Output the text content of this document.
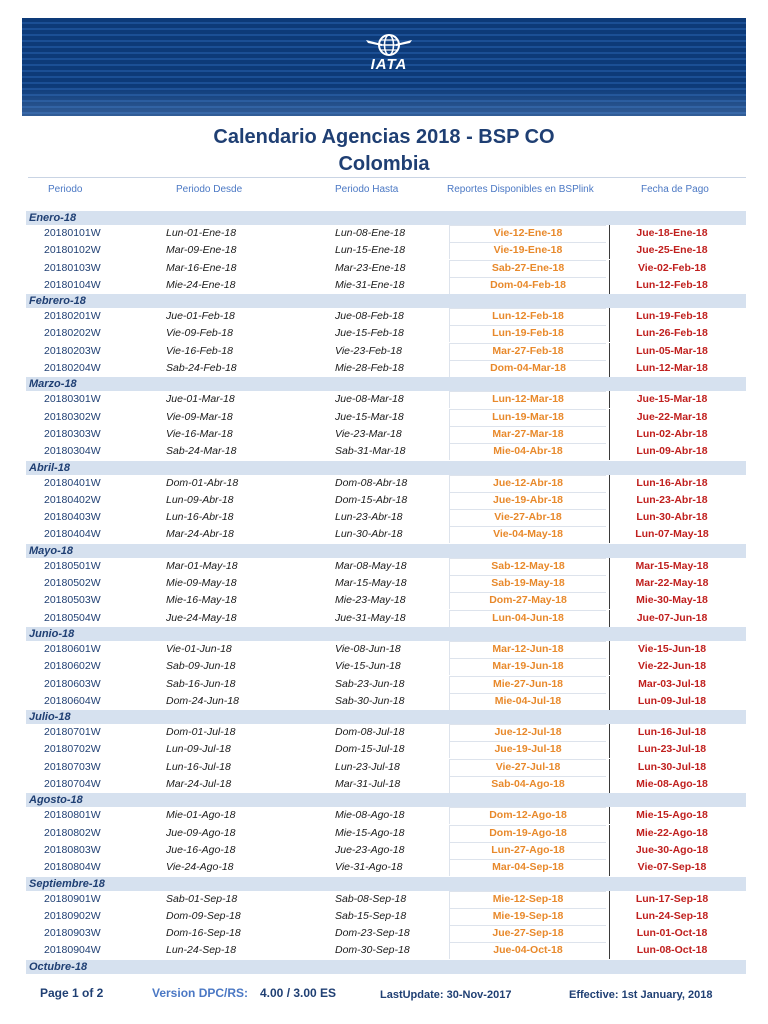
IATA
Calendario Agencias 2018 - BSP CO
Colombia
Periodo	Periodo Desde	Periodo Hasta	Reportes Disponibles en BSPlink	Fecha de Pago
Enero-18
20180101W	Lun-01-Ene-18	Lun-08-Ene-18	Vie-12-Ene-18	Jue-18-Ene-18
20180102W	Mar-09-Ene-18	Lun-15-Ene-18	Vie-19-Ene-18	Jue-25-Ene-18
20180103W	Mar-16-Ene-18	Mar-23-Ene-18	Sab-27-Ene-18	Vie-02-Feb-18
20180104W	Mie-24-Ene-18	Mie-31-Ene-18	Dom-04-Feb-18	Lun-12-Feb-18
Febrero-18
20180201W	Jue-01-Feb-18	Jue-08-Feb-18	Lun-12-Feb-18	Lun-19-Feb-18
20180202W	Vie-09-Feb-18	Jue-15-Feb-18	Lun-19-Feb-18	Lun-26-Feb-18
20180203W	Vie-16-Feb-18	Vie-23-Feb-18	Mar-27-Feb-18	Lun-05-Mar-18
20180204W	Sab-24-Feb-18	Mie-28-Feb-18	Dom-04-Mar-18	Lun-12-Mar-18
Marzo-18
20180301W	Jue-01-Mar-18	Jue-08-Mar-18	Lun-12-Mar-18	Jue-15-Mar-18
20180302W	Vie-09-Mar-18	Jue-15-Mar-18	Lun-19-Mar-18	Jue-22-Mar-18
20180303W	Vie-16-Mar-18	Vie-23-Mar-18	Mar-27-Mar-18	Lun-02-Abr-18
20180304W	Sab-24-Mar-18	Sab-31-Mar-18	Mie-04-Abr-18	Lun-09-Abr-18
Abril-18
20180401W	Dom-01-Abr-18	Dom-08-Abr-18	Jue-12-Abr-18	Lun-16-Abr-18
20180402W	Lun-09-Abr-18	Dom-15-Abr-18	Jue-19-Abr-18	Lun-23-Abr-18
20180403W	Lun-16-Abr-18	Lun-23-Abr-18	Vie-27-Abr-18	Lun-30-Abr-18
20180404W	Mar-24-Abr-18	Lun-30-Abr-18	Vie-04-May-18	Lun-07-May-18
Mayo-18
20180501W	Mar-01-May-18	Mar-08-May-18	Sab-12-May-18	Mar-15-May-18
20180502W	Mie-09-May-18	Mar-15-May-18	Sab-19-May-18	Mar-22-May-18
20180503W	Mie-16-May-18	Mie-23-May-18	Dom-27-May-18	Mie-30-May-18
20180504W	Jue-24-May-18	Jue-31-May-18	Lun-04-Jun-18	Jue-07-Jun-18
Junio-18
20180601W	Vie-01-Jun-18	Vie-08-Jun-18	Mar-12-Jun-18	Vie-15-Jun-18
20180602W	Sab-09-Jun-18	Vie-15-Jun-18	Mar-19-Jun-18	Vie-22-Jun-18
20180603W	Sab-16-Jun-18	Sab-23-Jun-18	Mie-27-Jun-18	Mar-03-Jul-18
20180604W	Dom-24-Jun-18	Sab-30-Jun-18	Mie-04-Jul-18	Lun-09-Jul-18
Julio-18
20180701W	Dom-01-Jul-18	Dom-08-Jul-18	Jue-12-Jul-18	Lun-16-Jul-18
20180702W	Lun-09-Jul-18	Dom-15-Jul-18	Jue-19-Jul-18	Lun-23-Jul-18
20180703W	Lun-16-Jul-18	Lun-23-Jul-18	Vie-27-Jul-18	Lun-30-Jul-18
20180704W	Mar-24-Jul-18	Mar-31-Jul-18	Sab-04-Ago-18	Mie-08-Ago-18
Agosto-18
20180801W	Mie-01-Ago-18	Mie-08-Ago-18	Dom-12-Ago-18	Mie-15-Ago-18
20180802W	Jue-09-Ago-18	Mie-15-Ago-18	Dom-19-Ago-18	Mie-22-Ago-18
20180803W	Jue-16-Ago-18	Jue-23-Ago-18	Lun-27-Ago-18	Jue-30-Ago-18
20180804W	Vie-24-Ago-18	Vie-31-Ago-18	Mar-04-Sep-18	Vie-07-Sep-18
Septiembre-18
20180901W	Sab-01-Sep-18	Sab-08-Sep-18	Mie-12-Sep-18	Lun-17-Sep-18
20180902W	Dom-09-Sep-18	Sab-15-Sep-18	Mie-19-Sep-18	Lun-24-Sep-18
20180903W	Dom-16-Sep-18	Dom-23-Sep-18	Jue-27-Sep-18	Lun-01-Oct-18
20180904W	Lun-24-Sep-18	Dom-30-Sep-18	Jue-04-Oct-18	Lun-08-Oct-18
Octubre-18
Page 1 of 2	Version DPC/RS: 4.00 / 3.00 ES	LastUpdate: 30-Nov-2017	Effective: 1st January, 2018
